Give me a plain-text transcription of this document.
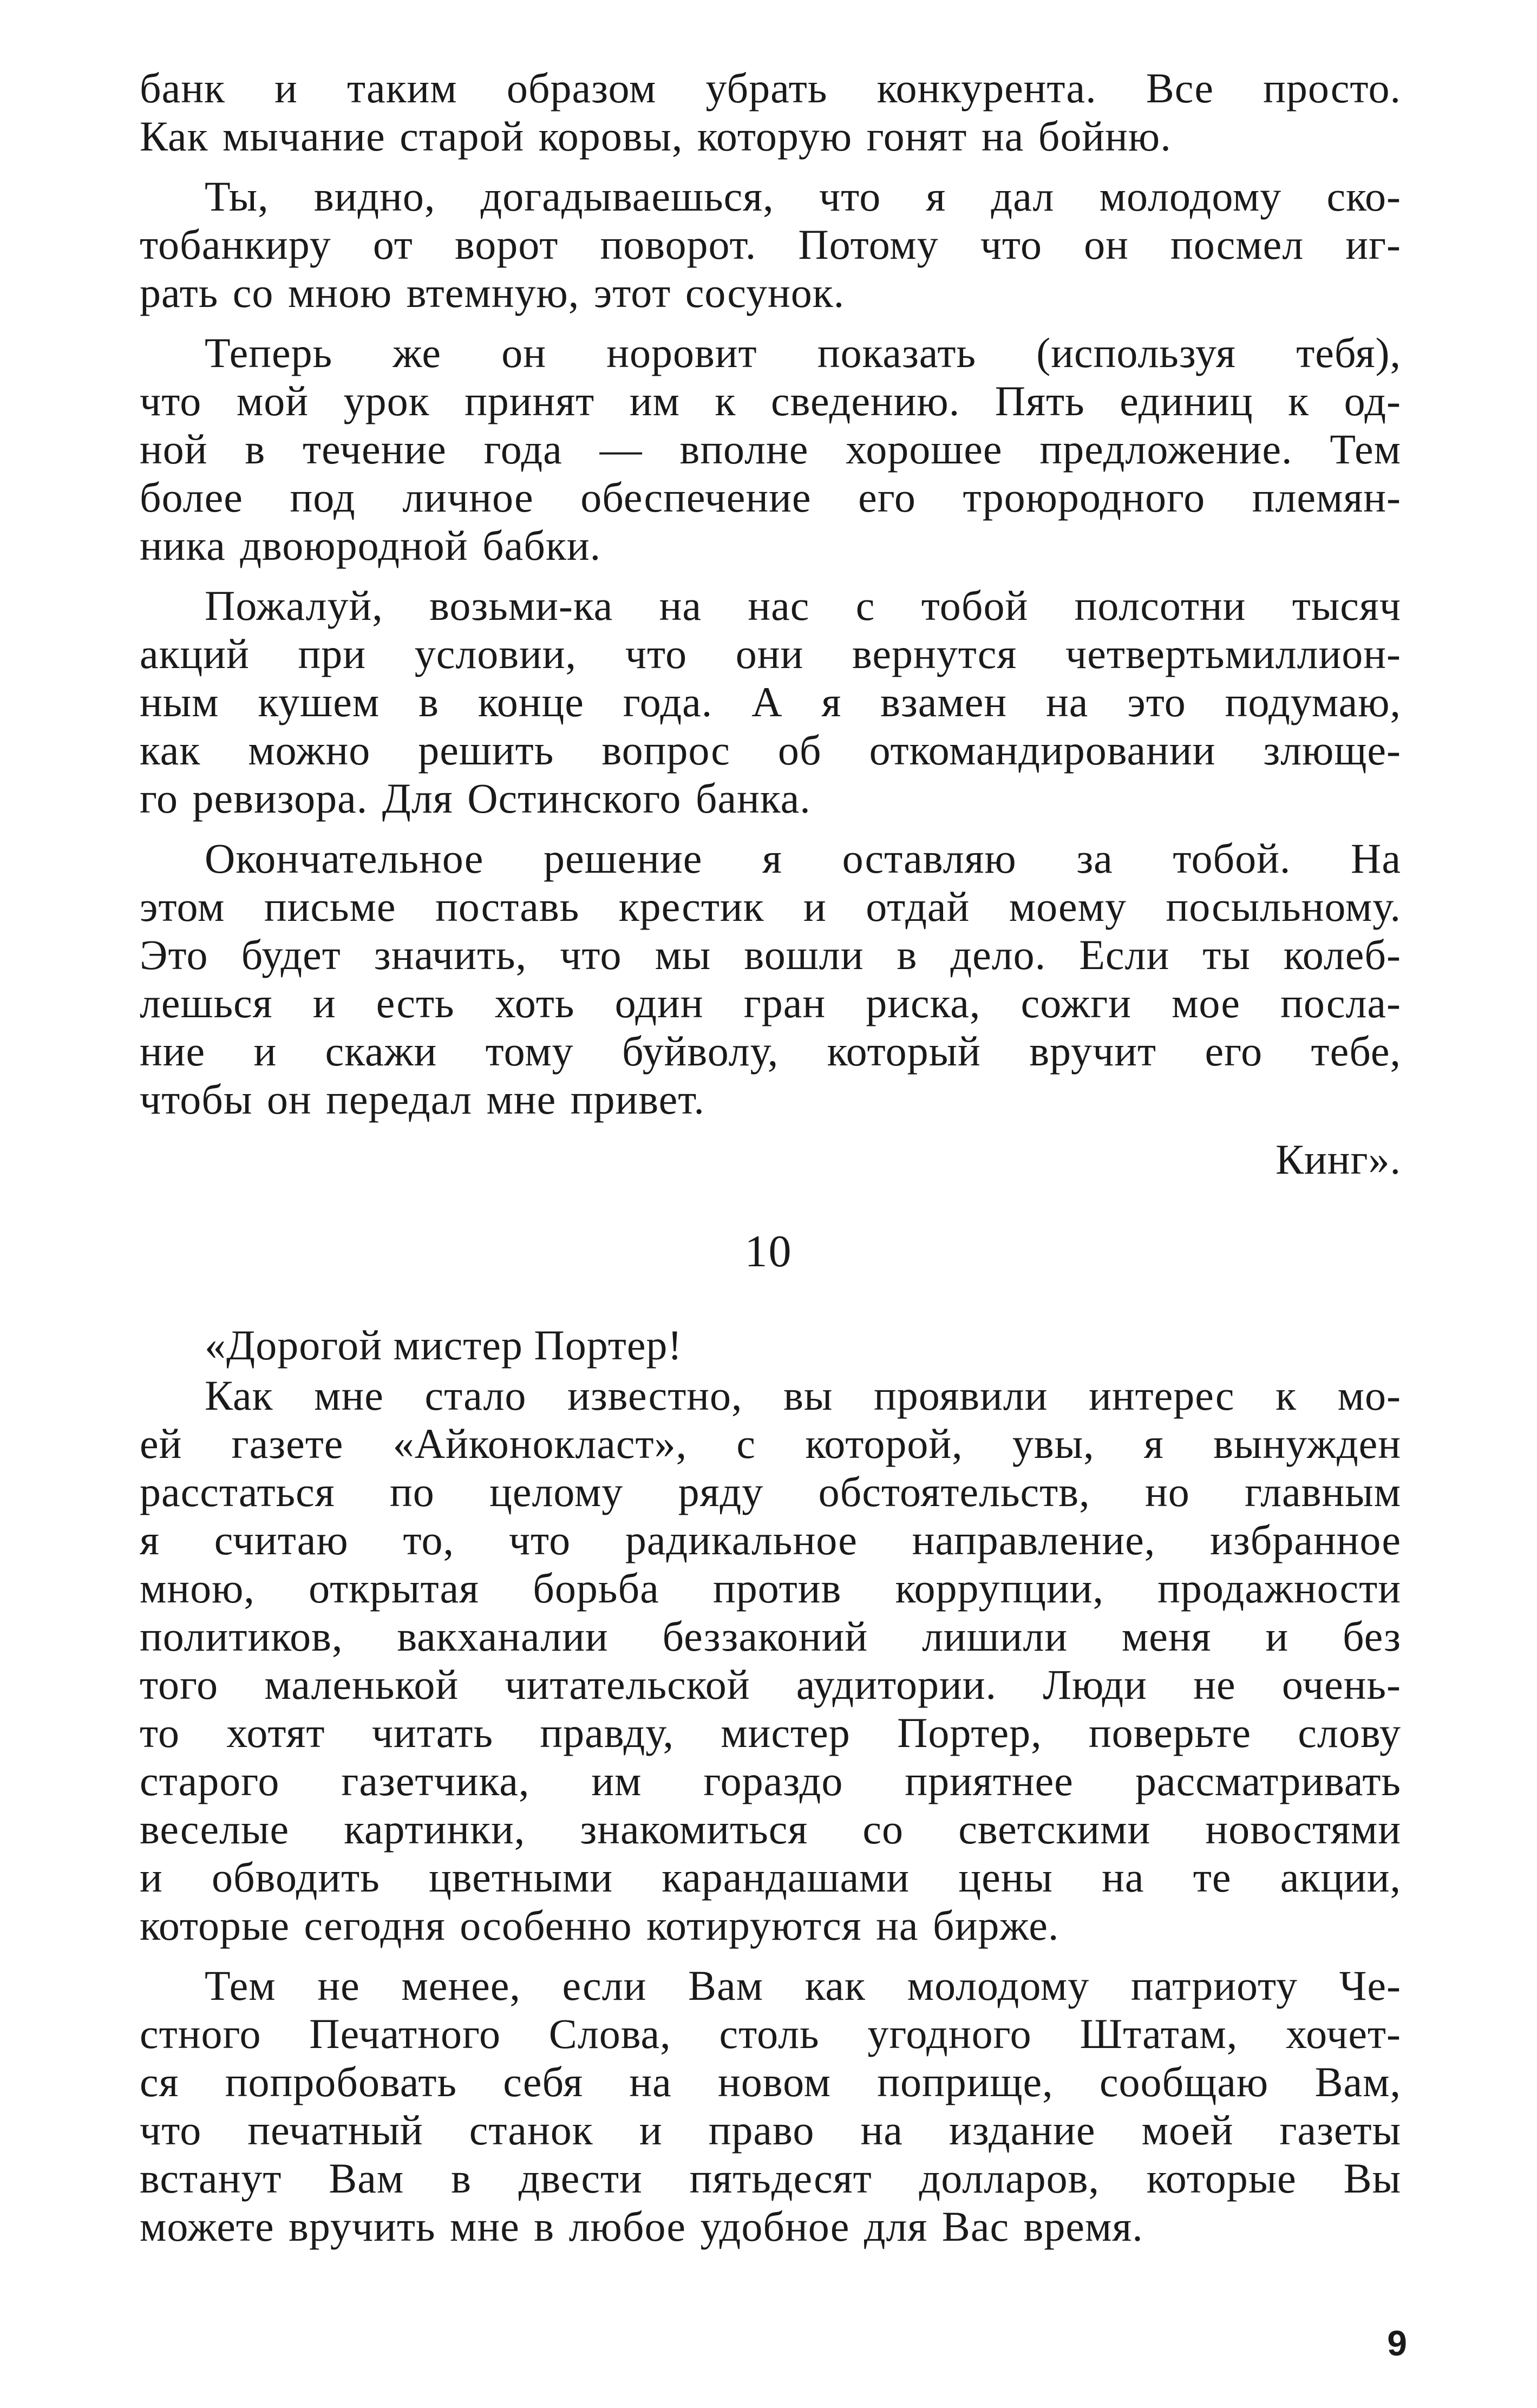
банк и таким образом убрать конкурента. Все просто.
Как мычание старой коровы, которую гонят на бойню.
Ты, видно, догадываешься, что я дал молодому ско-
тобанкиру от ворот поворот. Потому что он посмел иг-
рать со мною втемную, этот сосунок.
Теперь же он норовит показать (используя тебя),
что мой урок принят им к сведению. Пять единиц к од-
ной в течение года — вполне хорошее предложение. Тем
более под личное обеспечение его троюродного племян-
ника двоюродной бабки.
Пожалуй, возьми-ка на нас с тобой полсотни тысяч
акций при условии, что они вернутся четвертьмиллион-
ным кушем в конце года. А я взамен на это подумаю,
как можно решить вопрос об откомандировании злюще-
го ревизора. Для Остинского банка.
Окончательное решение я оставляю за тобой. На
этом письме поставь крестик и отдай моему посыльному.
Это будет значить, что мы вошли в дело. Если ты колеб-
лешься и есть хоть один гран риска, сожги мое посла-
ние и скажи тому буйволу, который вручит его тебе,
чтобы он передал мне привет.

Кинг».

10

«Дорогой мистер Портер!

Как мне стало известно, вы проявили интерес к мо-
ей газете «Айконокласт», с которой, увы, я вынужден
расстаться по целому ряду обстоятельств, но главным
я считаю то, что радикальное направление, избранное
мною, открытая борьба против коррупции, продажности
политиков, вакханалии беззаконий лишили меня и без
того маленькой читательской аудитории. Люди не очень-
то хотят читать правду, мистер Портер, поверьте слову
старого газетчика, им гораздо приятнее рассматривать
веселые картинки, знакомиться со светскими новостями
и обводить цветными карандашами цены на те акции,
которые сегодня особенно котируются на бирже.
Тем не менее, если Вам как молодому патриоту Че-
стного Печатного Слова, столь угодного Штатам, хочет-
ся попробовать себя на новом поприще, сообщаю Вам,
что печатный станок и право на издание моей газеты
встанут Вам в двести пятьдесят долларов, которые Вы
можете вручить мне в любое удобное для Вас время.
9
